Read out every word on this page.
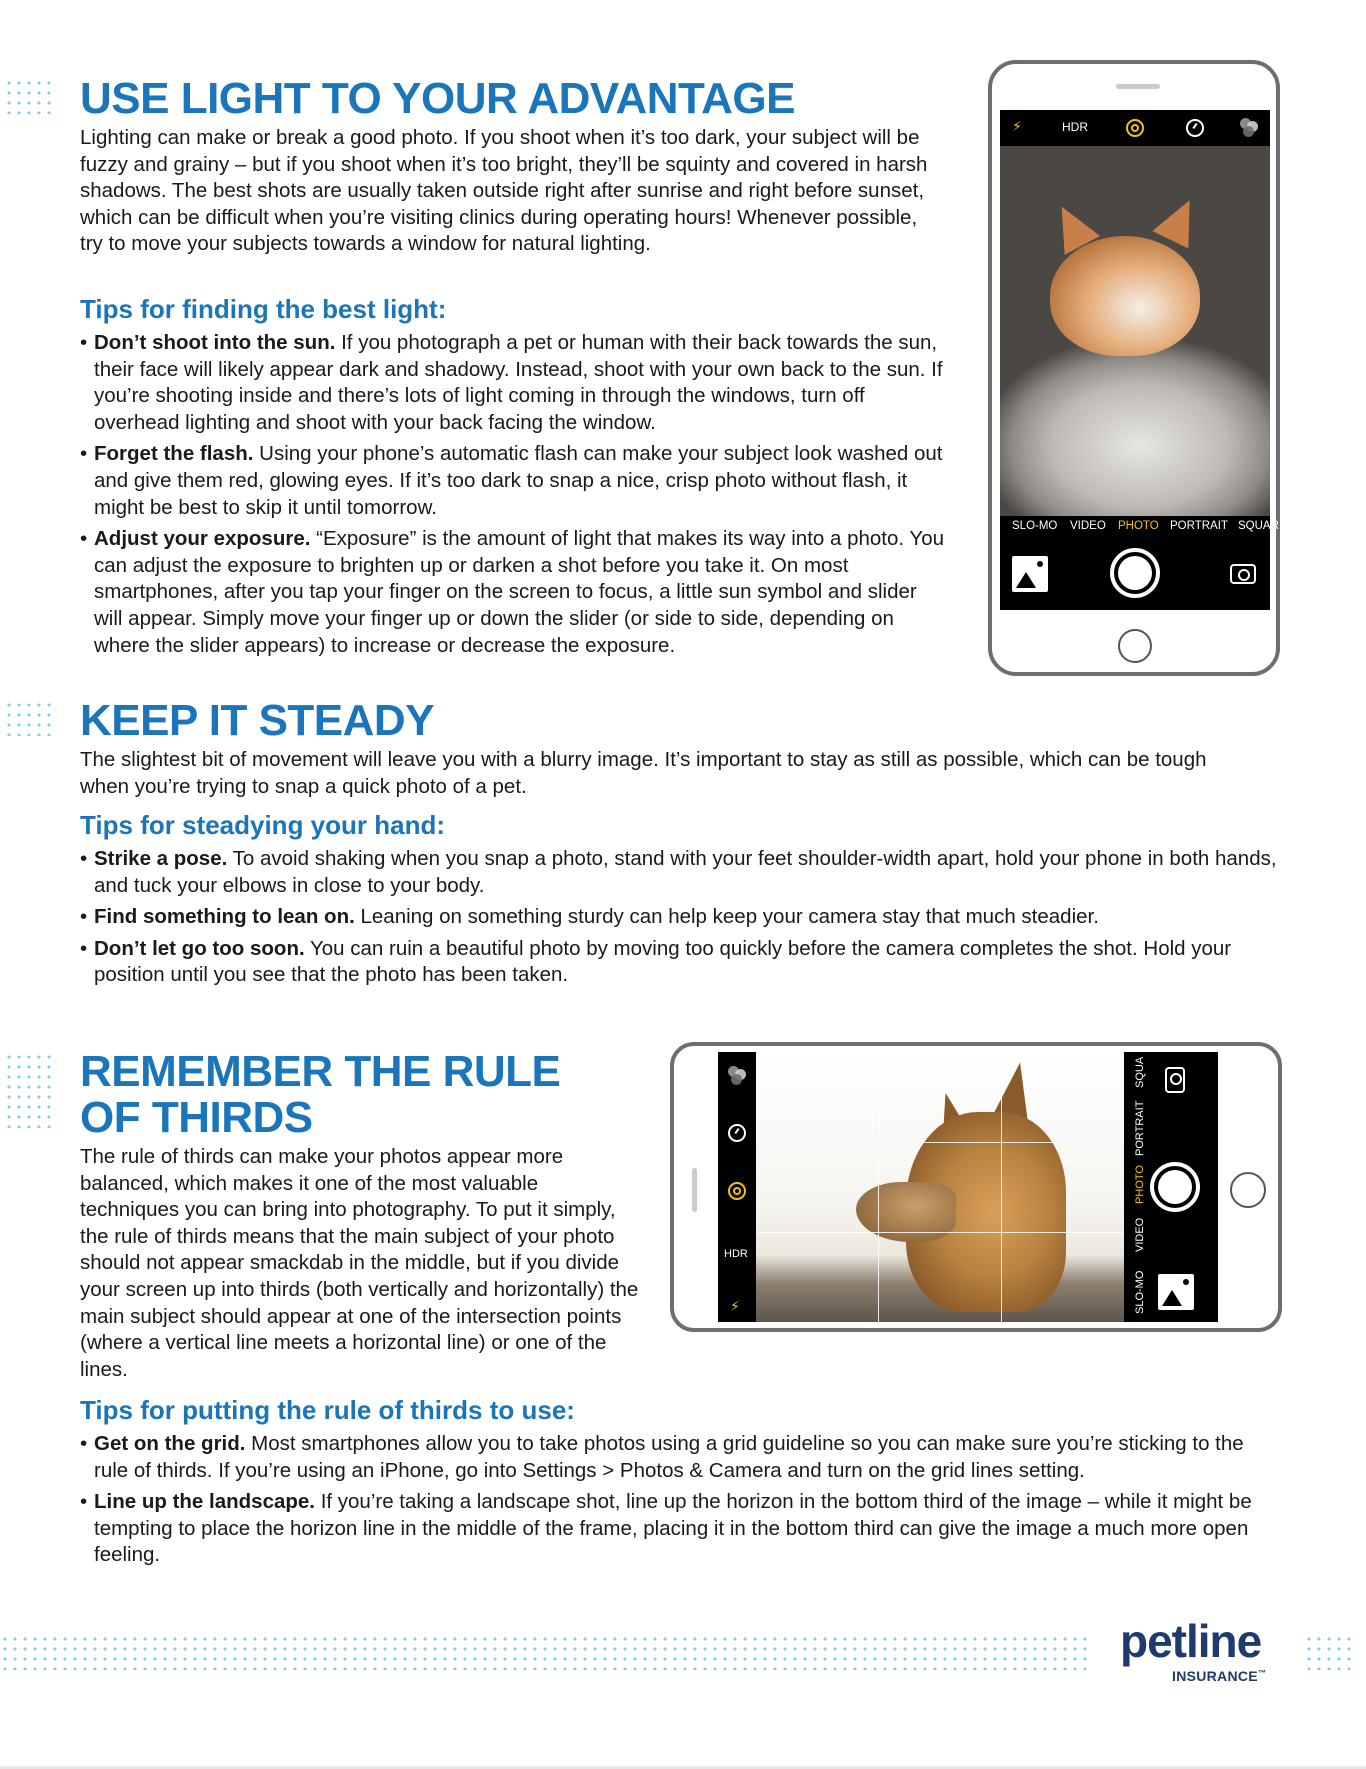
USE LIGHT TO YOUR ADVANTAGE

Lighting can make or break a good photo. If you shoot when it’s too dark, your subject will be fuzzy and grainy – but if you shoot when it’s too bright, they’ll be squinty and covered in harsh shadows. The best shots are usually taken outside right after sunrise and right before sunset, which can be difficult when you’re visiting clinics during operating hours! Whenever possible, try to move your subjects towards a window for natural lighting.

Tips for finding the best light:
• Don’t shoot into the sun. If you photograph a pet or human with their back towards the sun, their face will likely appear dark and shadowy. Instead, shoot with your own back to the sun. If you’re shooting inside and there’s lots of light coming in through the windows, turn off overhead lighting and shoot with your back facing the window.
• Forget the flash. Using your phone’s automatic flash can make your subject look washed out and give them red, glowing eyes. If it’s too dark to snap a nice, crisp photo without flash, it might be best to skip it until tomorrow.
• Adjust your exposure. “Exposure” is the amount of light that makes its way into a photo. You can adjust the exposure to brighten up or darken a shot before you take it. On most smartphones, after you tap your finger on the screen to focus, a little sun symbol and slider will appear. Simply move your finger up or down the slider (or side to side, depending on where the slider appears) to increase or decrease the exposure.
⚡	HDR
SLO-MO VIDEO PHOTO PORTRAIT SQUAR
KEEP IT STEADY

The slightest bit of movement will leave you with a blurry image. It’s important to stay as still as possible, which can be tough when you’re trying to snap a quick photo of a pet.

Tips for steadying your hand:
• Strike a pose. To avoid shaking when you snap a photo, stand with your feet shoulder-width apart, hold your phone in both hands, and tuck your elbows in close to your body.
• Find something to lean on. Leaning on something sturdy can help keep your camera stay that much steadier.
• Don’t let go too soon. You can ruin a beautiful photo by moving too quickly before the camera completes the shot. Hold your position until you see that the photo has been taken.
REMEMBER THE RULE
OF THIRDS

The rule of thirds can make your photos appear more balanced, which makes it one of the most valuable techniques you can bring into photography. To put it simply, the rule of thirds means that the main subject of your photo should not appear smackdab in the middle, but if you divide your screen up into thirds (both vertically and horizontally) the main subject should appear at one of the intersection points (where a vertical line meets a horizontal line) or one of the lines.

Tips for putting the rule of thirds to use:
• Get on the grid. Most smartphones allow you to take photos using a grid guideline so you can make sure you’re sticking to the rule of thirds. If you’re using an iPhone, go into Settings > Photos & Camera and turn on the grid lines setting.
• Line up the landscape. If you’re taking a landscape shot, line up the horizon in the bottom third of the image – while it might be tempting to place the horizon line in the middle of the frame, placing it in the bottom third can give the image a much more open feeling.
HDR
⚡	SLO-MO
VIDEO
PHOTO
PORTRAIT
SQUA
petline
INSURANCE™
